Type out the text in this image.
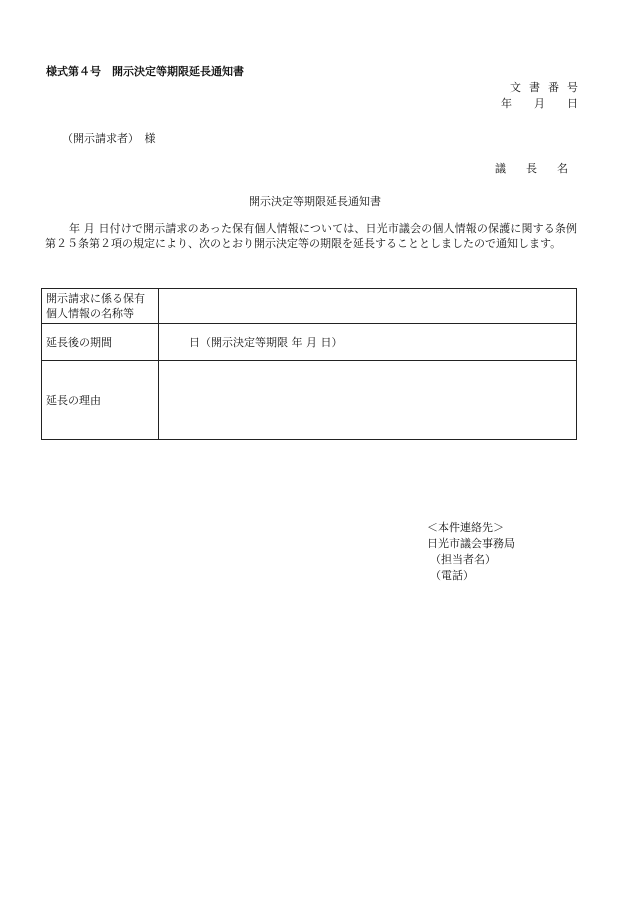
様式第４号　開示決定等期限延長通知書
文書番号
年 月 日
（開示請求者）　様
議長名
開示決定等期限延長通知書
年 月 日付けで開示請求のあった保有個人情報については、日光市議会の個人情報の保護に関する条例第２５条第２項の規定により、次のとおり開示決定等の期限を延長することとしましたので通知します。
開示請求に係る保有個人情報の名称等	
延長後の期間	日（開示決定等期限 年 月 日）
延長の理由	
＜本件連絡先＞
日光市議会事務局
（担当者名）
（電話）
